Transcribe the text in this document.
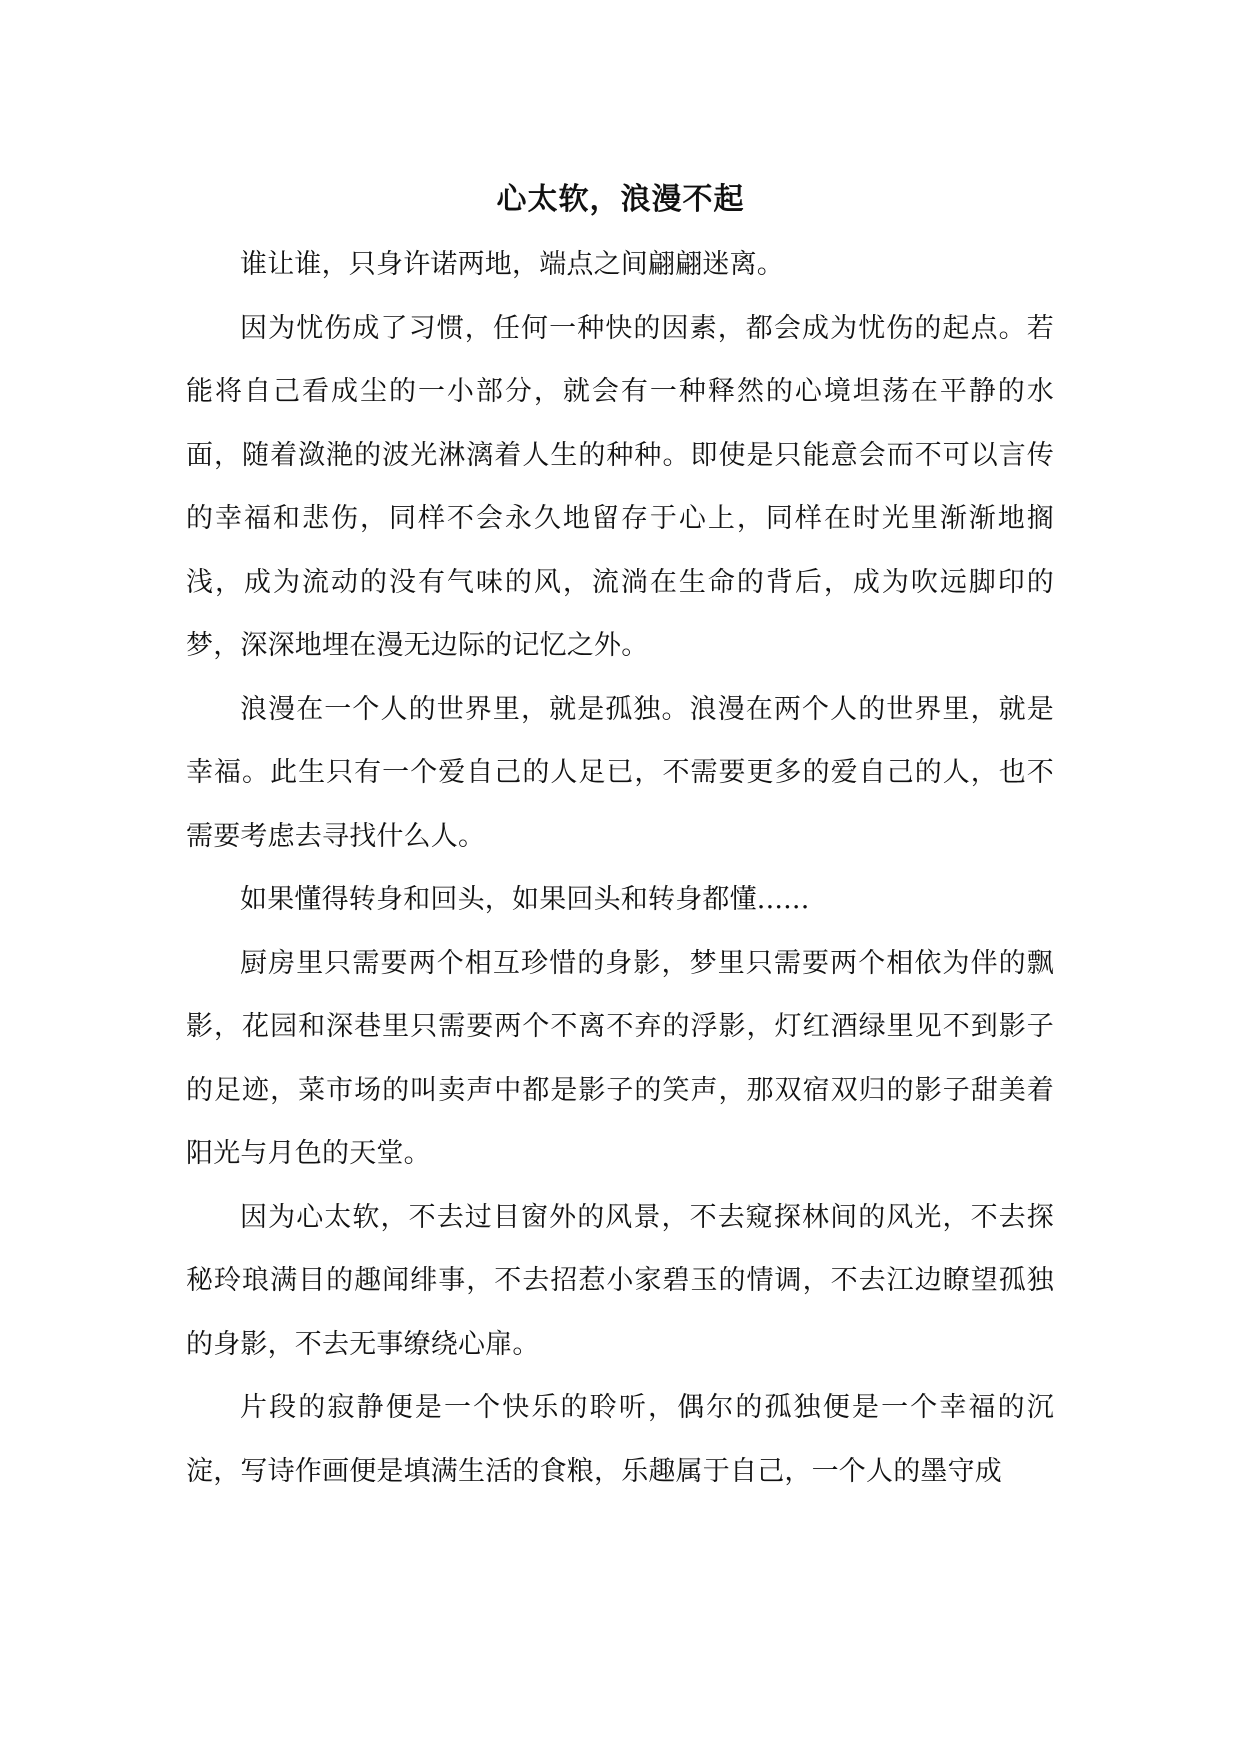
心太软，浪漫不起

谁让谁，只身许诺两地，端点之间翩翩迷离。

因为忧伤成了习惯，任何一种快的因素，都会成为忧伤的起点。若能将自己看成尘的一小部分，就会有一种释然的心境坦荡在平静的水面，随着潋滟的波光淋漓着人生的种种。即使是只能意会而不可以言传的幸福和悲伤，同样不会永久地留存于心上，同样在时光里渐渐地搁浅，成为流动的没有气味的风，流淌在生命的背后，成为吹远脚印的梦，深深地埋在漫无边际的记忆之外。

浪漫在一个人的世界里，就是孤独。浪漫在两个人的世界里，就是幸福。此生只有一个爱自己的人足已，不需要更多的爱自己的人，也不需要考虑去寻找什么人。

如果懂得转身和回头，如果回头和转身都懂......

厨房里只需要两个相互珍惜的身影，梦里只需要两个相依为伴的飘影，花园和深巷里只需要两个不离不弃的浮影，灯红酒绿里见不到影子的足迹，菜市场的叫卖声中都是影子的笑声，那双宿双归的影子甜美着阳光与月色的天堂。

因为心太软，不去过目窗外的风景，不去窥探林间的风光，不去探秘玲琅满目的趣闻绯事，不去招惹小家碧玉的情调，不去江边瞭望孤独的身影，不去无事缭绕心扉。

片段的寂静便是一个快乐的聆听，偶尔的孤独便是一个幸福的沉淀，写诗作画便是填满生活的食粮，乐趣属于自己，一个人的墨守成
